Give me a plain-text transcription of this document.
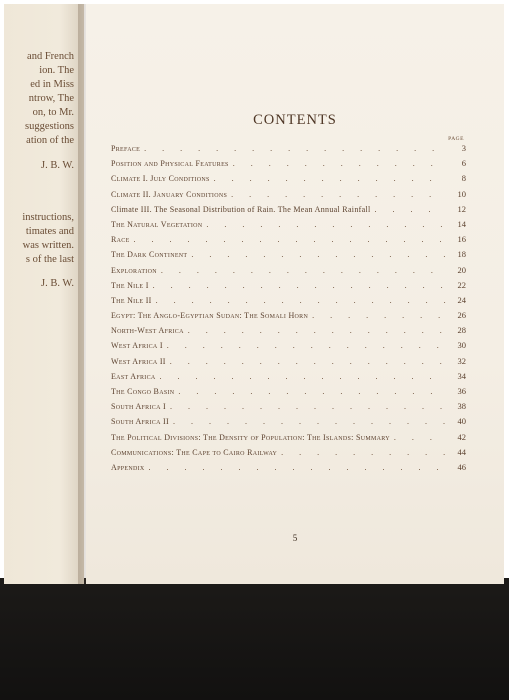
and French
ion. The
ed in Miss
ntrow, The
on, to Mr.
suggestions
ation of the
J. B. W.
instructions,
timates and
was written.
s of the last
J. B. W.
CONTENTS
PAGE
Preface . . .	3
Position and Physical Features . . .	6
Climate I. July Conditions . . .	8
Climate II. January Conditions . . .	10
Climate III. The Seasonal Distribution of Rain. The Mean Annual Rainfall . . .	12
The Natural Vegetation . . .	14
Race . . .	16
The Dark Continent . . .	18
Exploration . . .	20
The Nile I . . .	22
The Nile II . . .	24
Egypt: The Anglo-Egyptian Sudan: The Somali Horn . . .	26
North-West Africa . . .	28
West Africa I . . .	30
West Africa II . . .	32
East Africa . . .	34
The Congo Basin . . .	36
South Africa I . . .	38
South Africa II . . .	40
The Political Divisions: The Density of Population: The Islands: Summary . . .	42
Communications: The Cape to Cairo Railway . . .	44
Appendix . . .	46
5
